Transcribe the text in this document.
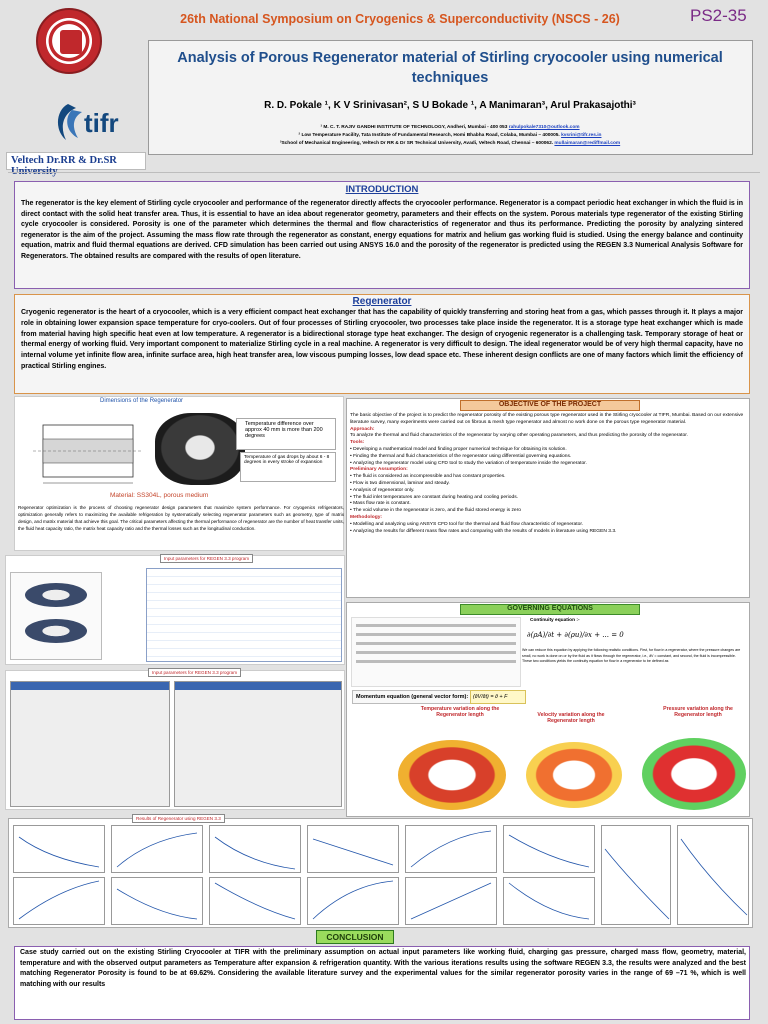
tifr
Veltech Dr.RR & Dr.SR
26th National Symposium on Cryogenics & Superconductivity (NSCS - 26)	PS2-35
Analysis of Porous Regenerator material of Stirling cryocooler using numerical techniques
R. D. Pokale ¹, K V Srinivasan², S U Bokade ¹, A Manimaran³, Arul Prakasajothi³
¹ M. C. T. RAJIV GANDHI INSTITUTE OF TECHNOLOGY, Andheri, Mumbai - 400 053 rahulpokale7310@outlook.com
² Low Temperature Facility, Tata Institute of Fundamental Research, Homi Bhabha Road, Colaba, Mumbai – 400005. kvsrini@tifr.res.in
³School of Mechanical Engineering, Veltech Dr RR & Dr SR Technical University, Avadi, Veltech Road, Chennai – 600062. mullaimaran@rediffmail.com
INTRODUCTION
The regenerator is the key element of Stirling cycle cryocooler and performance of the regenerator directly affects the cryocooler performance. Regenerator is a compact periodic heat exchanger in which the fluid is in direct contact with the solid heat transfer area. Thus, it is essential to have an idea about regenerator geometry, parameters and their effects on the system. Porous materials type regenerator of the existing Stirling cycle cryocooler is considered. Porosity is one of the parameter which determines the thermal and flow characteristics of regenerator and thus its performance. Predicting the porosity by analyzing sintered regenerator is the aim of the project. Assuming the mass flow rate through the regenerator as constant, energy equations for matrix and helium gas working fluid is studied. Using the energy balance and continuity equation, matrix and fluid thermal equations are derived. CFD simulation has been carried out using ANSYS 16.0 and the porosity of the regenerator is predicted using the REGEN 3.3 Numerical Analysis Software for Regenerators. The obtained results are compared with the results of open literature.
Regenerator
Cryogenic regenerator is the heart of a cryocooler, which is a very efficient compact heat exchanger that has the capability of quickly transferring and storing heat from a gas, which passes through it. It plays a major role in obtaining lower expansion space temperature for cryo-coolers. Out of four processes of Stirling cryocooler, two processes take place inside the regenerator. It is a storage type heat exchanger which is made from material having high specific heat even at low temperature. A regenerator is a bidirectional storage type heat exchanger. The design of cryogenic regenerator is a challenging task. Temporary storage of heat or thermal energy of working fluid. Very important component to materialize Stirling cycle in a real machine. A regenerator is very difficult to design. The ideal regenerator would be of very high thermal capacity, have no internal volume yet infinite flow area, infinite surface area, high heat transfer area, low viscous pumping losses, low dead space etc. These inherent design conflicts are one of many factors which limit the efficiency of practical Stirling engines.
Dimensions of the Regenerator
Temperature difference over approx 40 mm is more than 200 degrees
Temperature of gas drops by about 6 - 8 degrees in every stroke of expansion
Material: SS304L, porous medium
Regenerator optimization is the process of choosing regenerator design parameters that maximize system performance. For cryogenics refrigerators, optimization generally refers to maximizing the available refrigeration by systematically selecting regenerator parameters such as geometry, type of matrix design, and matrix material that achieve this goal. The critical parameters affecting the thermal performance of regenerator are the number of heat transfer units, the fluid heat capacity ratio, the matrix heat capacity ratio and the thermal losses such as the longitudinal conduction.
OBJECTIVE OF THE PROJECT
The basic objective of the project is to predict the regenerator porosity of the existing porous type regenerator used in the Stirling cryocooler at TIFR, Mumbai. Based on our extensive literature survey, many experiments were carried out on fibrous & mesh type regenerator and almost no work done on the porous type regenerator material.
Approach:
To analyze the thermal and fluid characteristics of the regenerator by varying other operating parameters, and thus predicting the porosity of the regenerator.
Tools:
• Developing a mathematical model and finding proper numerical technique for obtaining its solution.
• Finding the thermal and fluid characteristics of the regenerator using differential governing equations.
• Analyzing the regenerator model using CFD tool to study the variation of temperature inside the regenerator.
Preliminary Assumption:
• The fluid is considered as incompressible and has constant properties.
• Flow is two dimensional, laminar and steady.
• Analysis of regenerator only.
• The fluid inlet temperatures are constant during heating and cooling periods.
• Mass flow rate is constant.
• The void volume in the regenerator is zero, and the fluid stored energy is zero
Methodology:
• Modelling and analyzing using ANSYS CFD tool for the thermal and fluid flow characteristic of regenerator.
• Analyzing the results for different mass flow rates and comparing with the results of models in literature using REGEN 3.3.
Input parameters for REGEN 3.3 program
Input parameters for REGEN 3.3 program
∂(ρA)/∂t + ∂(ρu)/∂x + ... = 0
GOVERNING EQUATIONS
Continuity equation :-
We can reduce this equation by applying the following realistic conditions. First, for flow in a regenerator, where the pressure changes are small, no work is done on or by the fluid as it flows through the regenerator, i.e., ∂V = constant, and second, the fluid is incompressible. These two conditions yields the continuity equation for flow in a regenerator to be defined as
Momentum equation (general vector form): (∂V/∂t) = ∂ + F
Temperature variation along the Regenerator length	Velocity variation along the Regenerator length
Pressure variation along the Regenerator length
Results of Regenerator using REGEN 3.3
CONCLUSION
Case study carried out on the existing Stirling Cryocooler at TIFR with the preliminary assumption on actual input parameters like working fluid, charging gas pressure, charged mass flow, geometry, material, temperature and with the observed output parameters as Temperature after expansion & refrigeration quantity. With the various iterations results using the software REGEN 3.3, the results were analyzed and the best matching Regenerator Porosity is found to be at 69.62%. Considering the available literature survey and the experimental values for the similar regenerator porosity varies in the range of 69 –71 %, which is well matching with our results
